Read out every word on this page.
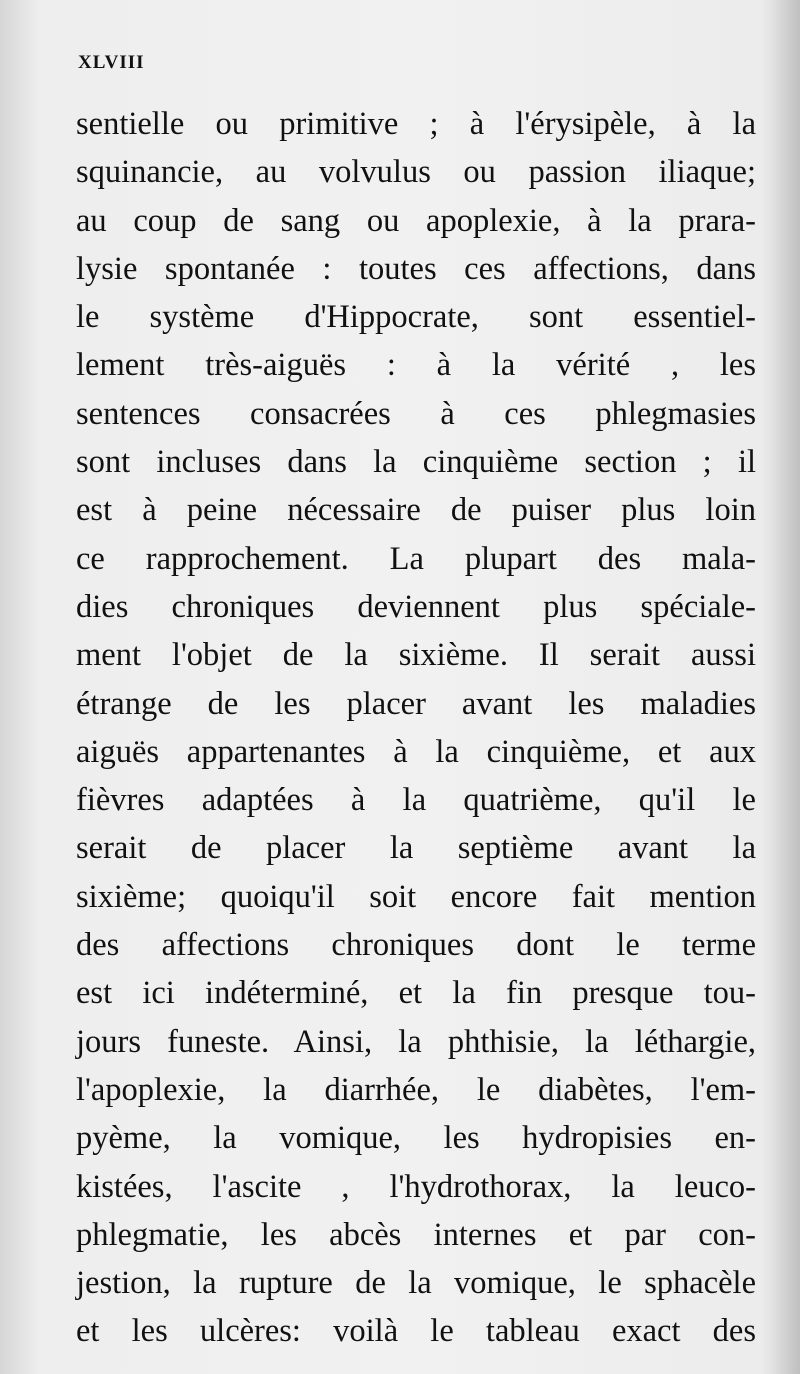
XLVIII
sentielle ou primitive ; à l'érysipèle, à la
squinancie, au volvulus ou passion iliaque;
au coup de sang ou apoplexie, à la prara-
lysie spontanée : toutes ces affections, dans
le système d'Hippocrate, sont essentiel-
lement très-aiguës : à la vérité , les
sentences consacrées à ces phlegmasies
sont incluses dans la cinquième section ; il
est à peine nécessaire de puiser plus loin
ce rapprochement. La plupart des mala-
dies chroniques deviennent plus spéciale-
ment l'objet de la sixième. Il serait aussi
étrange de les placer avant les maladies
aiguës appartenantes à la cinquième, et aux
fièvres adaptées à la quatrième, qu'il le
serait de placer la septième avant la
sixième; quoiqu'il soit encore fait mention
des affections chroniques dont le terme
est ici indéterminé, et la fin presque tou-
jours funeste. Ainsi, la phthisie, la léthargie,
l'apoplexie, la diarrhée, le diabètes, l'em-
pyème, la vomique, les hydropisies en-
kistées, l'ascite , l'hydrothorax, la leuco-
phlegmatie, les abcès internes et par con-
jestion, la rupture de la vomique, le sphacèle
et les ulcères: voilà le tableau exact des
